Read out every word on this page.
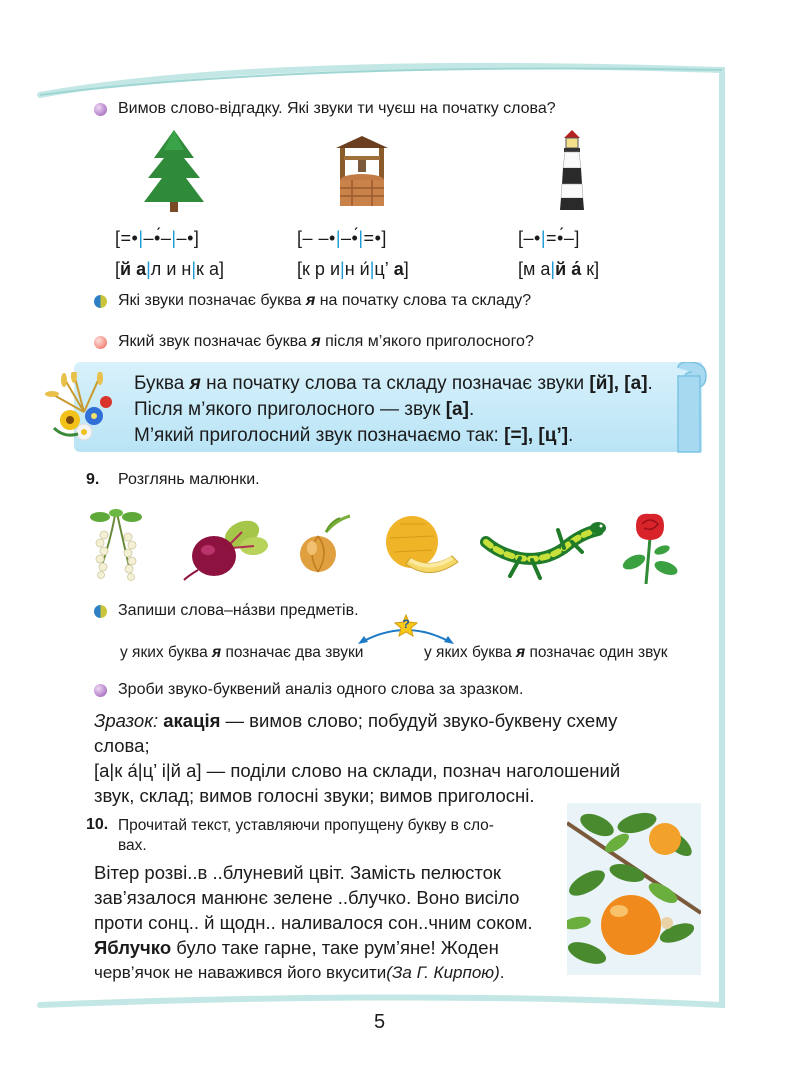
Вимов слово-відгадку. Які звуки ти чуєш на початку слова?
[=•|–•́–|–•]	[– –•|–•́|=•]	[–•|=•́–]
[й а|л и н|к а]	[к р и|н и́|ц’ а]	[м а|й а́ к]
Які звуки позначає буква я на початку слова та складу?
Який звук позначає буква я після м’якого приголосного?
Буква я на початку слова та складу позначає звуки [й], [а].
Після м’якого приголосного — звук [а].
М’який приголосний звук позначаємо так: [=], [ц’].
9. Розглянь малюнки.
Запиши слова–на́зви предметів.
?
у яких буква я позначає два звуки	у яких буква я позначає один звук
Зроби звуко-буквений аналіз одного слова за зразком.
Зразок: акація — вимов слово; побудуй звуко-буквену схему
слова;
[а|к а́|ц’ і|й а] — поділи слово на склади, познач наголошений
звук, склад; вимов голосні звуки; вимов приголосні.
10. Прочитай текст, уставляючи пропущену букву в сло-
вах.
Вітер розві..в ..блуневий цвіт. Замість пелюсток
зав’язалося манюнє зелене ..блучко. Воно висіло
проти сонц.. й щодн.. наливалося сон..чним соком.
Яблучко було таке гарне, таке рум’яне! Жоден
черв’ячок не наважився його вкусити(За Г. Кирпою).
5
